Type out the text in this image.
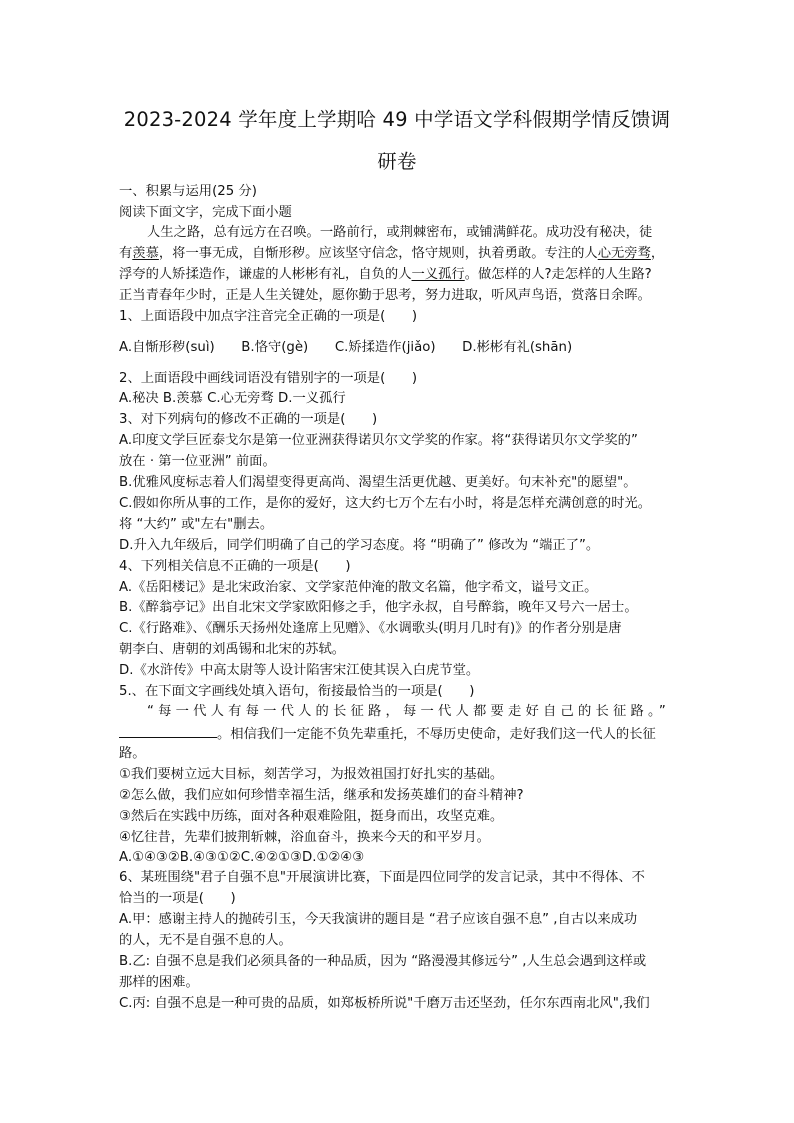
2023-2024 学年度上学期哈 49 中学语文学科假期学情反馈调
研卷
一、积累与运用(25 分)
阅读下面文字，完成下面小题
人生之路，总有远方在召唤。一路前行，或荆棘密布，或铺满鲜花。成功没有秘决，徒
有羡慕，将一事无成，自惭形秽。应该坚守信念，恪守规则，执着勇敢。专注的人心无旁骛，
浮夸的人矫揉造作，谦虚的人彬彬有礼，自负的人一义孤行。做怎样的人?走怎样的人生路?
正当青春年少时，正是人生关键处，愿你勤于思考，努力进取，听风声鸟语，赏落日余晖。
1、上面语段中加点字注音完全正确的一项是(　　)
A.自惭形秽(suì)　　B.恪守(gè)　　C.矫揉造作(jiǎo)　　D.彬彬有礼(shān)
2、上面语段中画线词语没有错别字的一项是(　　)
A.秘决 B.羡慕 C.心无旁骛 D.一义孤行
3、对下列病句的修改不正确的一项是(　　)
A.印度文学巨匠泰戈尔是第一位亚洲获得诺贝尔文学奖的作家。将“获得诺贝尔文学奖的”
放在 · 第一位亚洲” 前面。
B.优雅风度标志着人们渴望变得更高尚、渴望生活更优越、更美好。句末补充"的愿望"。
C.假如你所从事的工作，是你的爱好，这大约七万个左右小时，将是怎样充满创意的时光。
将 “大约” 或"左右"删去。
D.升入九年级后，同学们明确了自己的学习态度。将 “明确了” 修改为 “端正了”。
4、下列相关信息不正确的一项是(　　)
A.《岳阳楼记》是北宋政治家、文学家范仲淹的散文名篇，他字希文，谥号文正。
B.《醉翁亭记》出自北宋文学家欧阳修之手，他字永叔，自号醉翁，晚年又号六一居士。
C.《行路难》、《酬乐天扬州处逢席上见赠》、《水调歌头(明月几时有)》的作者分别是唐
朝李白、唐朝的刘禹锡和北宋的苏轼。
D.《水浒传》中高太尉等人设计陷害宋江使其误入白虎节堂。
5.、在下面文字画线处填入语句，衔接最恰当的一项是(　　)
“每一代人有每一代人的长征路，每一代人都要走好自己的长征路。”
。相信我们一定能不负先辈重托，不辱历史使命，走好我们这一代人的长征
路。
①我们要树立远大目标，刻苦学习，为报效祖国打好扎实的基础。
②怎么做，我们应如何珍惜幸福生活，继承和发扬英雄们的奋斗精神?
③然后在实践中历练，面对各种艰难险阻，挺身而出，攻坚克难。
④忆往昔，先辈们披荆斩棘，浴血奋斗，换来今天的和平岁月。
A.①④③②B.④③①②C.④②①③D.①②④③
6、某班围绕"君子自强不息"开展演讲比赛，下面是四位同学的发言记录，其中不得体、不
恰当的一项是(　　)
A.甲：感谢主持人的抛砖引玉，今天我演讲的题目是 “君子应该自强不息” ,自古以来成功
的人，无不是自强不息的人。
B.乙: 自强不息是我们必须具备的一种品质，因为 “路漫漫其修远兮” ,人生总会遇到这样或
那样的困难。
C.丙: 自强不息是一种可贵的品质，如郑板桥所说"千磨万击还坚劲，任尔东西南北风",我们
